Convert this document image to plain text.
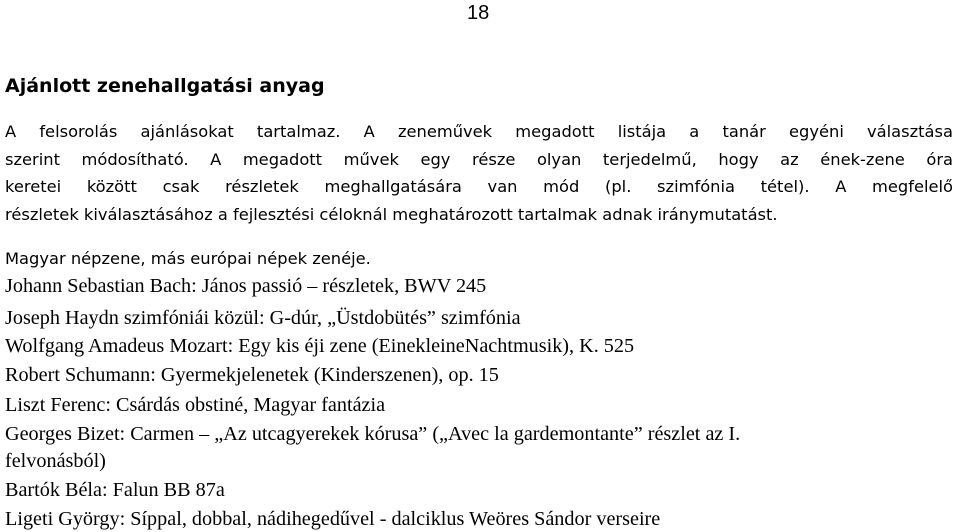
18
Ajánlott zenehallgatási anyag
A felsorolás ajánlásokat tartalmaz. A zeneművek megadott listája a tanár egyéni választása
szerint módosítható. A megadott művek egy része olyan terjedelmű, hogy az ének-zene óra
keretei között csak részletek meghallgatására van mód (pl. szimfónia tétel). A megfelelő
részletek kiválasztásához a fejlesztési céloknál meghatározott tartalmak adnak iránymutatást.
Magyar népzene, más európai népek zenéje.
Johann Sebastian Bach: János passió – részletek, BWV 245
Joseph Haydn szimfóniái közül: G-dúr, „Üstdobütés” szimfónia
Wolfgang Amadeus Mozart: Egy kis éji zene (EinekleineNachtmusik), K. 525
Robert Schumann: Gyermekjelenetek (Kinderszenen), op. 15
Liszt Ferenc: Csárdás obstiné, Magyar fantázia
Georges Bizet: Carmen – „Az utcagyerekek kórusa” („Avec la gardemontante” részlet az I.
felvonásból)
Bartók Béla: Falun BB 87a
Ligeti György: Síppal, dobbal, nádihegedűvel - dalciklus Weöres Sándor verseire
